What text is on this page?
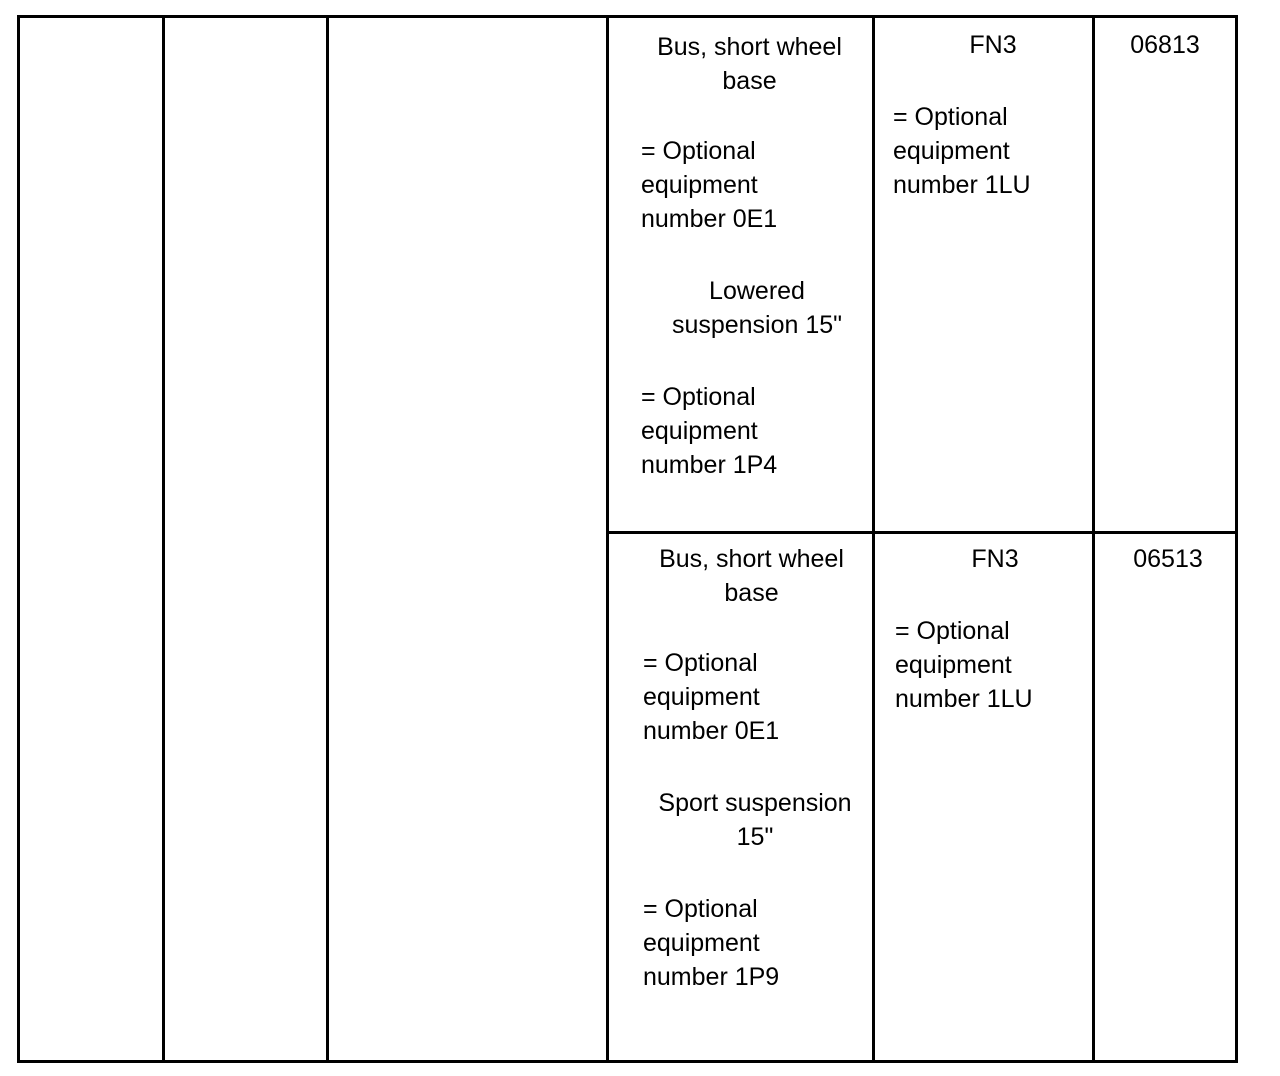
Bus, short wheel base
= Optional equipment number 0E1
Lowered suspension 15"
= Optional equipment number 1P4
FN3
= Optional equipment number 1LU
06813
Bus, short wheel base
= Optional equipment number 0E1
Sport suspension 15"
= Optional equipment number 1P9
FN3
= Optional equipment number 1LU
06513
